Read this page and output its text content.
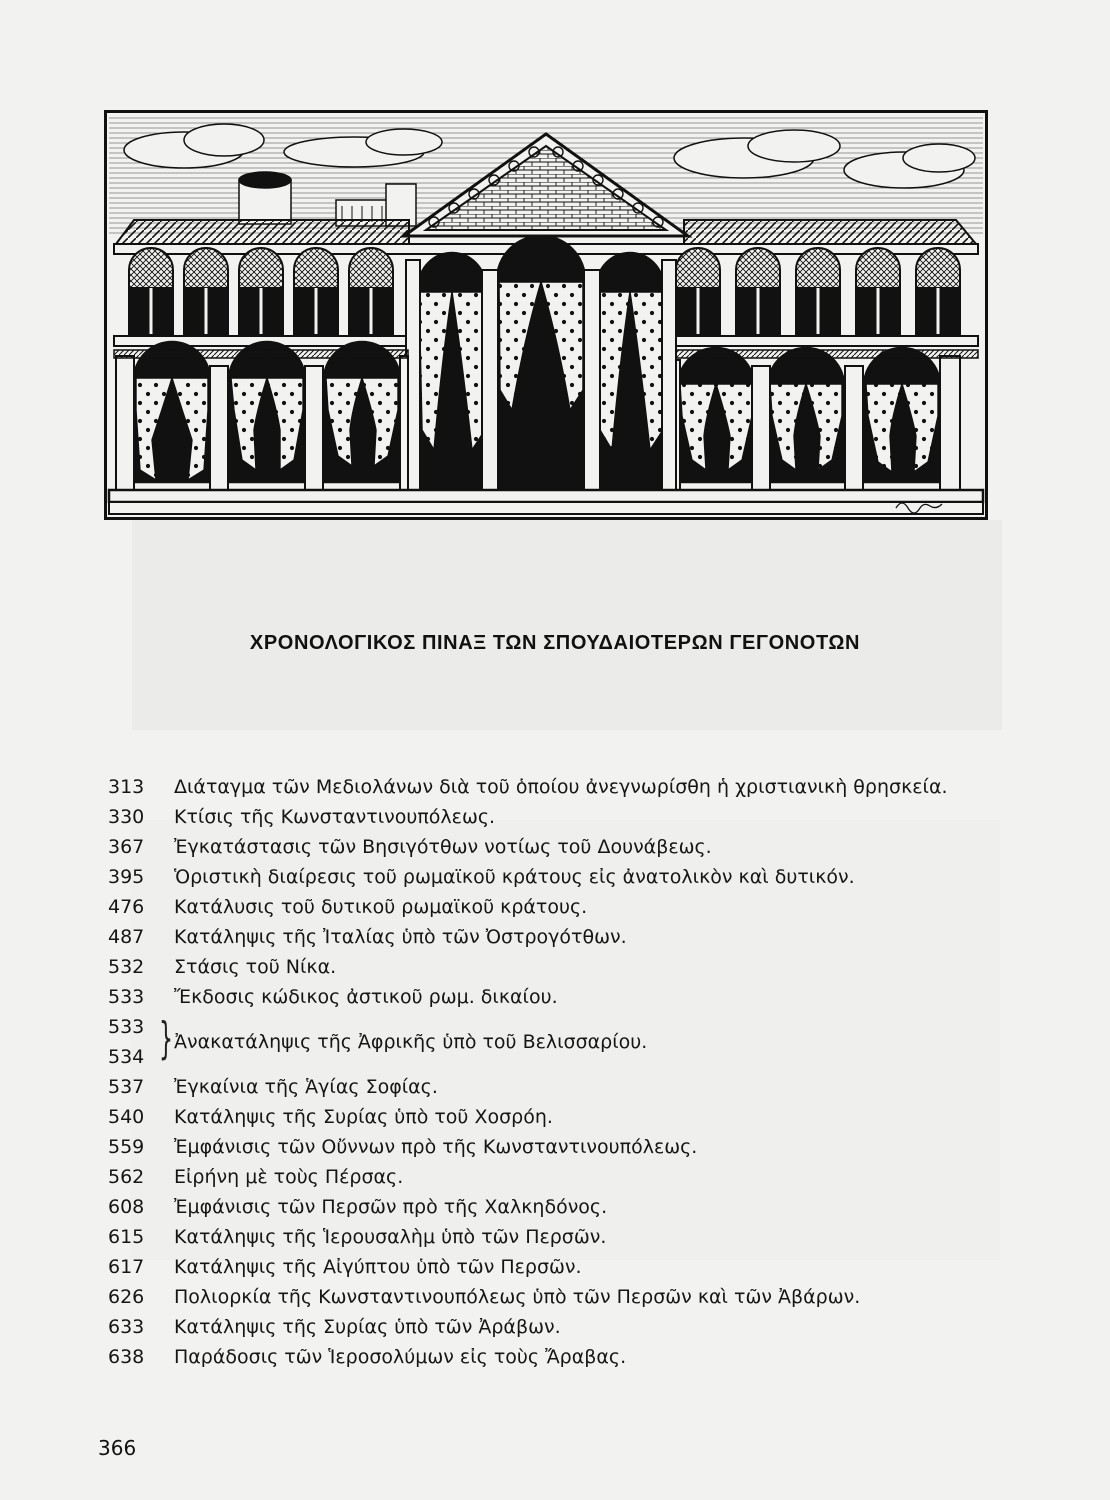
ΧΡΟΝΟΛΟΓΙΚΟΣ ΠΙΝΑΞ ΤΩΝ ΣΠΟΥΔΑΙΟΤΕΡΩΝ ΓΕΓΟΝΟΤΩΝ
313	Διάταγμα τῶν Μεδιολάνων διὰ τοῦ ὁποίου ἀνεγνωρίσθη ἡ χριστιανικὴ θρησκεία.
330	Κτίσις τῆς Κωνσταντινουπόλεως.
367	Ἐγκατάστασις τῶν Βησιγότθων νοτίως τοῦ Δουνάβεως.
395	Ὁριστικὴ διαίρεσις τοῦ ρωμαϊκοῦ κράτους εἰς ἀνατολικὸν καὶ δυτικόν.
476	Κατάλυσις τοῦ δυτικοῦ ρωμαϊκοῦ κράτους.
487	Κατάληψις τῆς Ἰταλίας ὑπὸ τῶν Ὀστρογότθων.
532	Στάσις τοῦ Νίκα.
533	Ἔκδοσις κώδικος ἀστικοῦ ρωμ. δικαίου.
533
534 } Ἀνακατάληψις τῆς Ἀφρικῆς ὑπὸ τοῦ Βελισσαρίου.
537	Ἐγκαίνια τῆς Ἁγίας Σοφίας.
540	Κατάληψις τῆς Συρίας ὑπὸ τοῦ Χοσρόη.
559	Ἐμφάνισις τῶν Οὔννων πρὸ τῆς Κωνσταντινουπόλεως.
562	Εἰρήνη μὲ τοὺς Πέρσας.
608	Ἐμφάνισις τῶν Περσῶν πρὸ τῆς Χαλκηδόνος.
615	Κατάληψις τῆς Ἱερουσαλὴμ ὑπὸ τῶν Περσῶν.
617	Κατάληψις τῆς Αἰγύπτου ὑπὸ τῶν Περσῶν.
626	Πολιορκία τῆς Κωνσταντινουπόλεως ὑπὸ τῶν Περσῶν καὶ τῶν Ἀβάρων.
633	Κατάληψις τῆς Συρίας ὑπὸ τῶν Ἀράβων.
638	Παράδοσις τῶν Ἱεροσολύμων εἰς τοὺς Ἄραβας.
366
